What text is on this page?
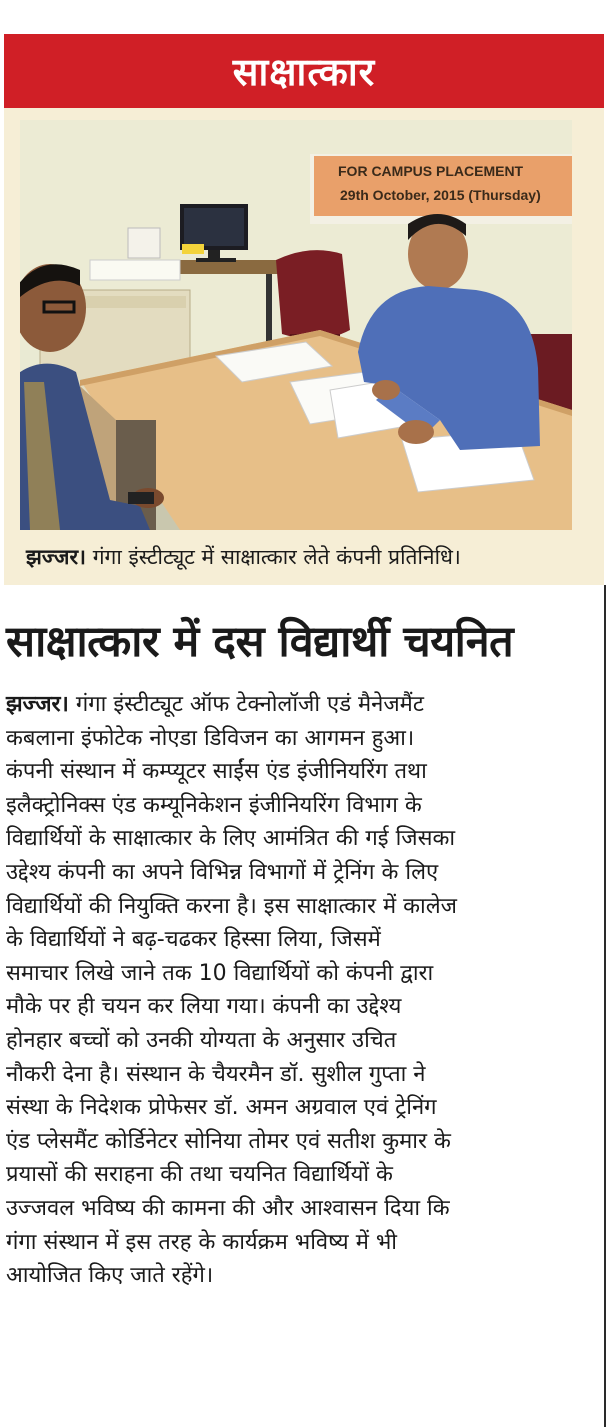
साक्षात्कार
FOR CAMPUS PLACEMENT
29th October, 2015 (Thursday)
झज्जर। गंगा इंस्टीट्यूट में साक्षात्कार लेते कंपनी प्रतिनिधि।
साक्षात्कार में दस विद्यार्थी चयनित
झज्जर। गंगा इंस्टीट्यूट ऑफ टेक्नोलॉजी एडं मैनेजमैंट
कबलाना इंफोटेक नोएडा डिविजन का आगमन हुआ।
कंपनी संस्थान में कम्प्यूटर साईंस एंड इंजीनियरिंग तथा
इलैक्ट्रोनिक्स एंड कम्यूनिकेशन इंजीनियरिंग विभाग के
विद्यार्थियों के साक्षात्कार के लिए आमंत्रित की गई जिसका
उद्देश्य कंपनी का अपने विभिन्न विभागों में ट्रेनिंग के लिए
विद्यार्थियों की नियुक्ति करना है। इस साक्षात्कार में कालेज
के विद्यार्थियों ने बढ़-चढकर हिस्सा लिया, जिसमें
समाचार लिखे जाने तक 10 विद्यार्थियों को कंपनी द्वारा
मौके पर ही चयन कर लिया गया। कंपनी का उद्देश्य
होनहार बच्चों को उनकी योग्यता के अनुसार उचित
नौकरी देना है। संस्थान के चैयरमैन डॉ. सुशील गुप्ता ने
संस्था के निदेशक प्रोफेसर डॉ. अमन अग्रवाल एवं ट्रेनिंग
एंड प्लेसमैंट कोर्डिनेटर सोनिया तोमर एवं सतीश कुमार के
प्रयासों की सराहना की तथा चयनित विद्यार्थियों के
उज्जवल भविष्य की कामना की और आश्वासन दिया कि
गंगा संस्थान में इस तरह के कार्यक्रम भविष्य में भी
आयोजित किए जाते रहेंगे।
